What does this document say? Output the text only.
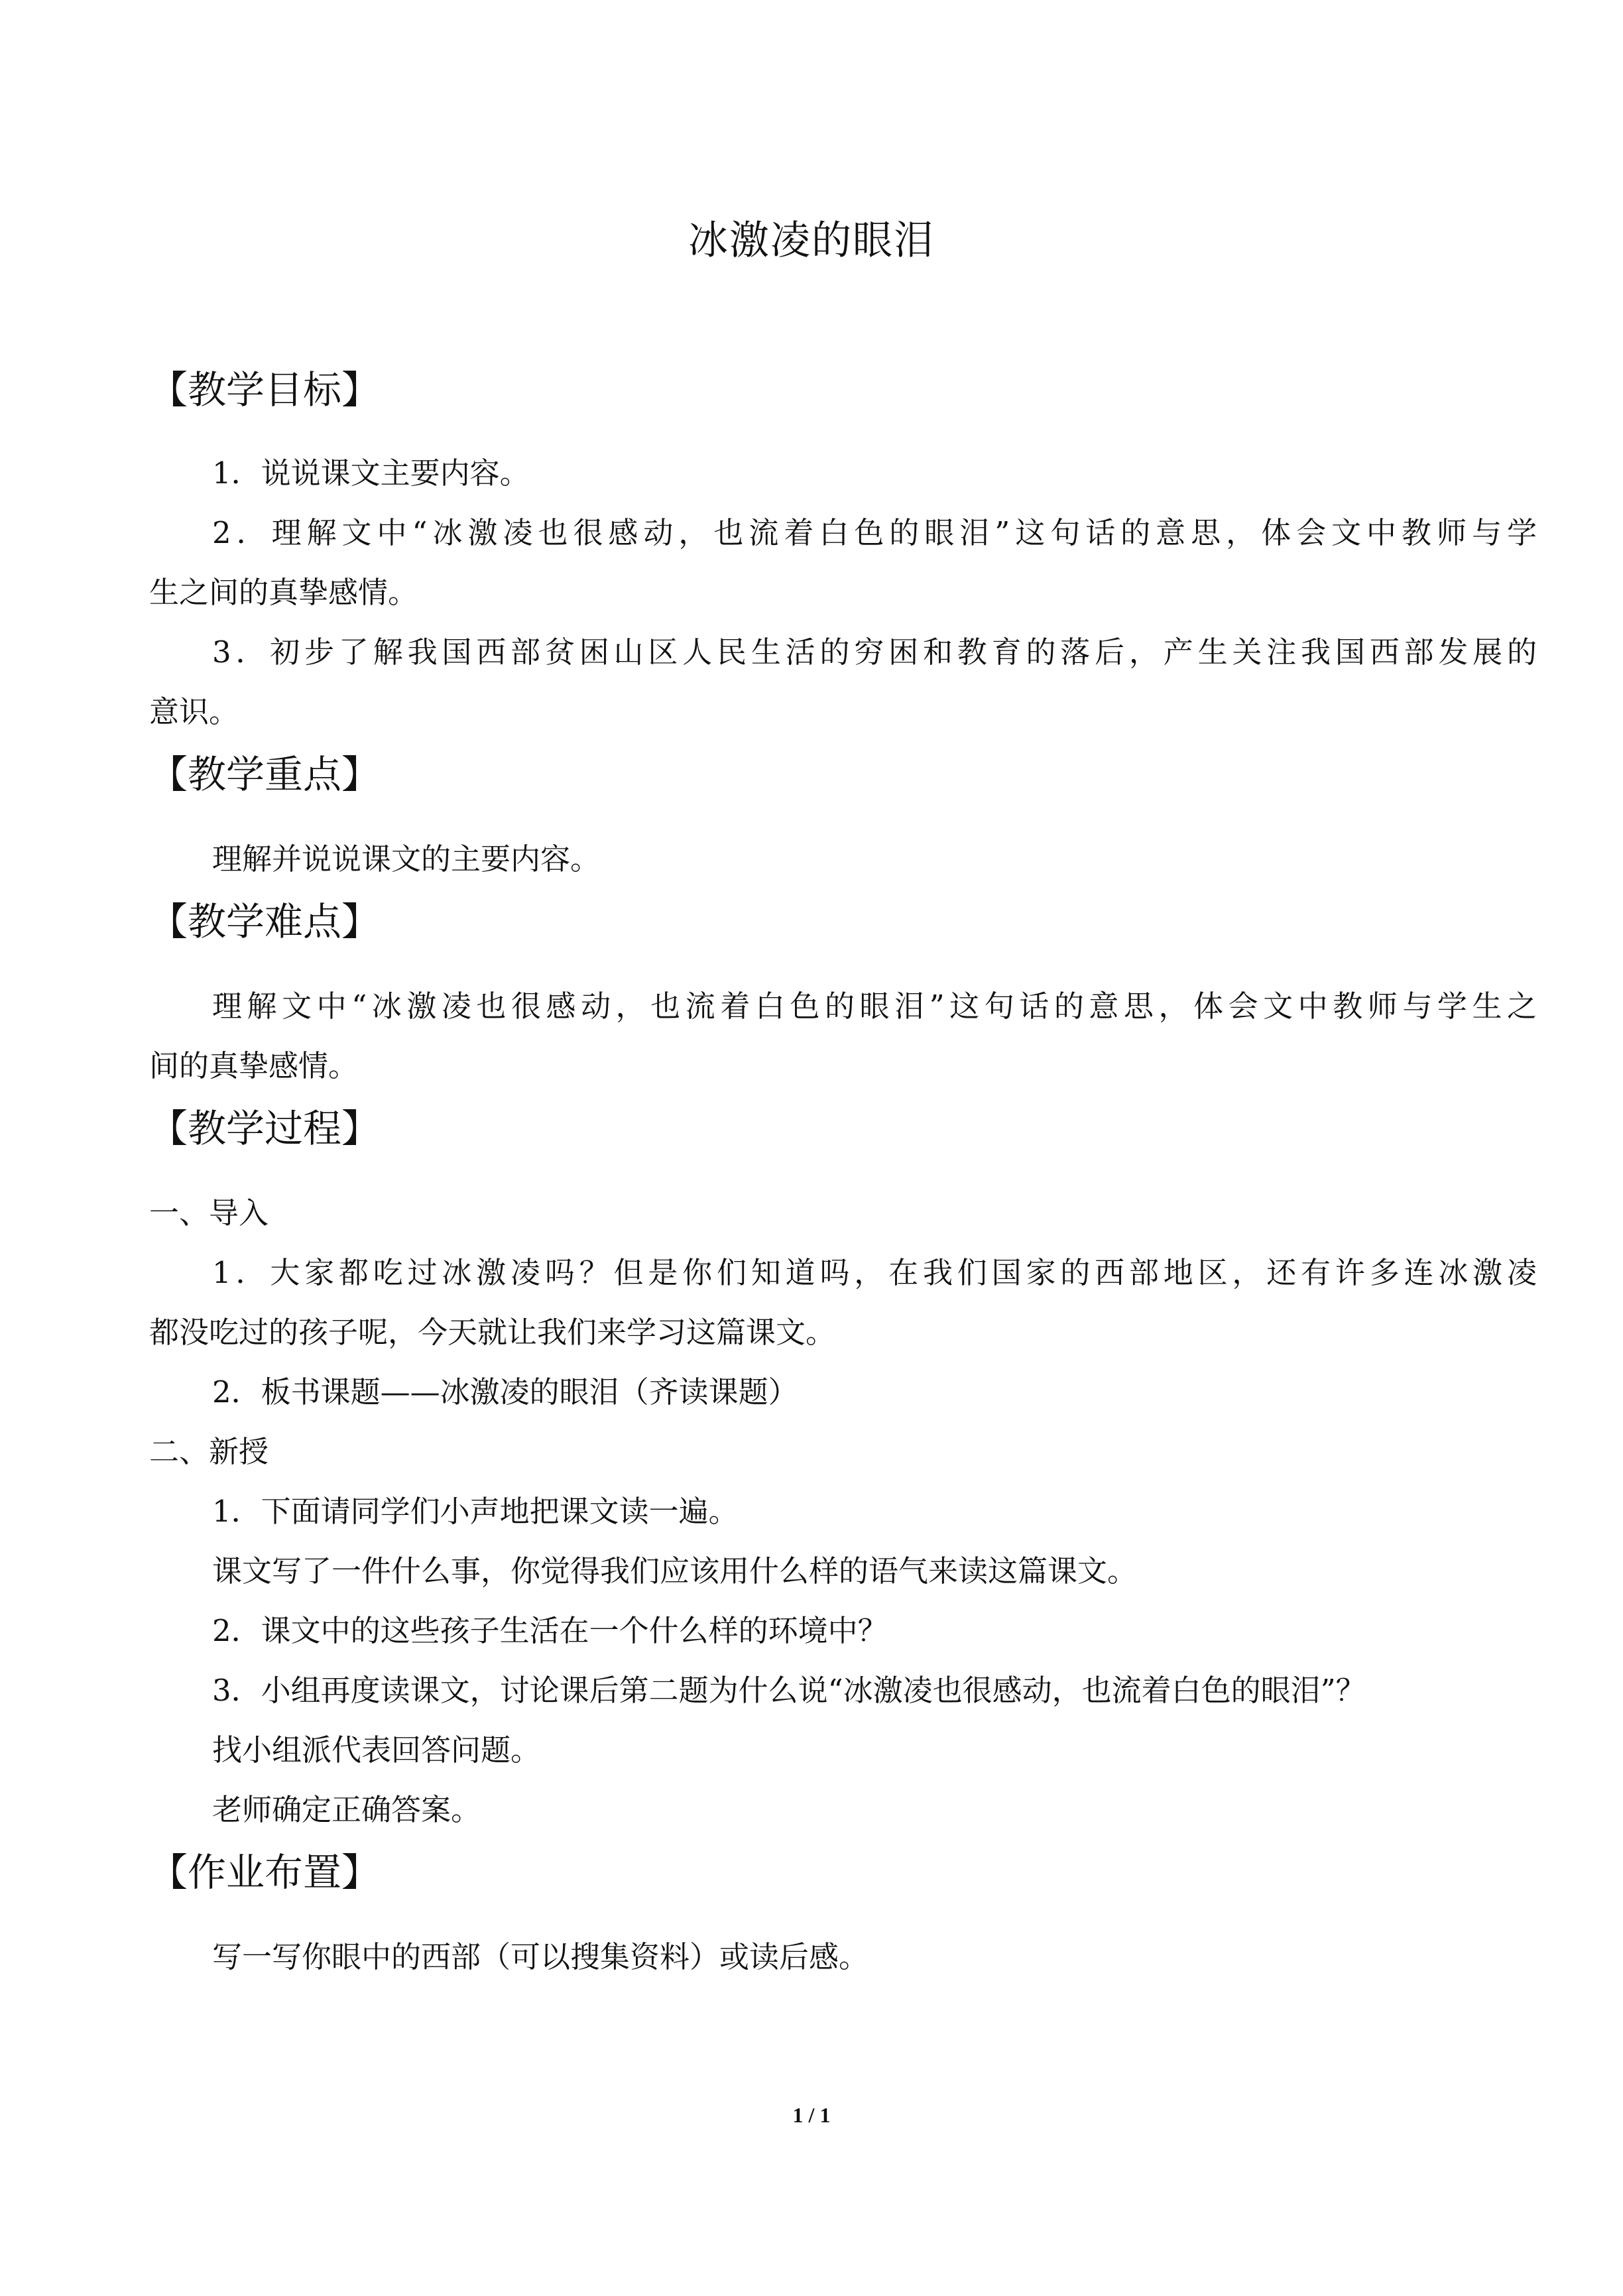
冰激凌的眼泪
【教学目标】
1．说说课文主要内容。
2．理解文中“冰激凌也很感动，也流着白色的眼泪”这句话的意思，体会文中教师与学
生之间的真挚感情。
3．初步了解我国西部贫困山区人民生活的穷困和教育的落后，产生关注我国西部发展的
意识。
【教学重点】
理解并说说课文的主要内容。
【教学难点】
理解文中“冰激凌也很感动，也流着白色的眼泪”这句话的意思，体会文中教师与学生之
间的真挚感情。
【教学过程】
一、导入
1．大家都吃过冰激凌吗？但是你们知道吗，在我们国家的西部地区，还有许多连冰激凌
都没吃过的孩子呢，今天就让我们来学习这篇课文。
2．板书课题——冰激凌的眼泪（齐读课题）
二、新授
1．下面请同学们小声地把课文读一遍。
课文写了一件什么事，你觉得我们应该用什么样的语气来读这篇课文。
2．课文中的这些孩子生活在一个什么样的环境中？
3．小组再度读课文，讨论课后第二题为什么说“冰激凌也很感动，也流着白色的眼泪”？
找小组派代表回答问题。
老师确定正确答案。
【作业布置】
写一写你眼中的西部（可以搜集资料）或读后感。
1 / 1
